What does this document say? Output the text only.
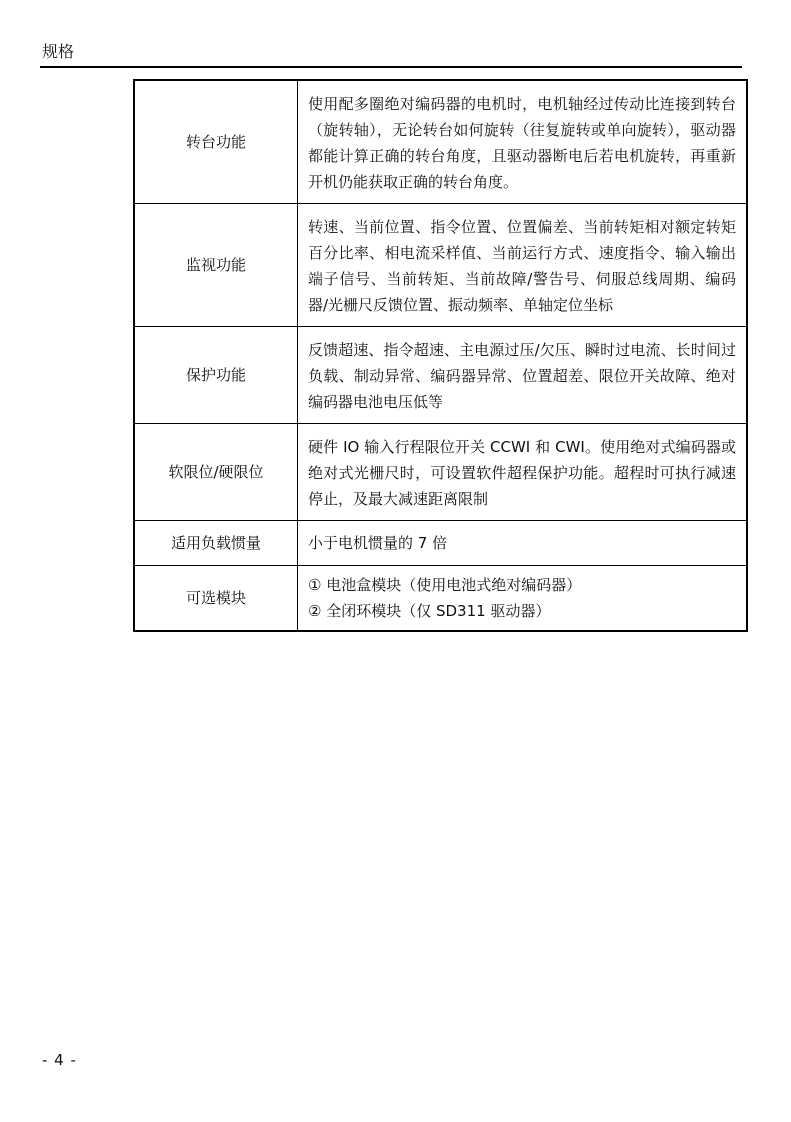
规格
转台功能	使用配多圈绝对编码器的电机时，电机轴经过传动比连接到转台（旋转轴），无论转台如何旋转（往复旋转或单向旋转），驱动器都能计算正确的转台角度，且驱动器断电后若电机旋转，再重新开机仍能获取正确的转台角度。
监视功能	转速、当前位置、指令位置、位置偏差、当前转矩相对额定转矩百分比率、相电流采样值、当前运行方式、速度指令、输入输出端子信号、当前转矩、当前故障/警告号、伺服总线周期、编码器/光栅尺反馈位置、振动频率、单轴定位坐标
保护功能	反馈超速、指令超速、主电源过压/欠压、瞬时过电流、长时间过负载、制动异常、编码器异常、位置超差、限位开关故障、绝对编码器电池电压低等
软限位/硬限位	硬件 IO 输入行程限位开关 CCWI 和 CWI。使用绝对式编码器或绝对式光栅尺时，可设置软件超程保护功能。超程时可执行减速停止，及最大减速距离限制
适用负载惯量	小于电机惯量的 7 倍
可选模块	① 电池盒模块（使用电池式绝对编码器）
② 全闭环模块（仅 SD311 驱动器）
- 4 -
